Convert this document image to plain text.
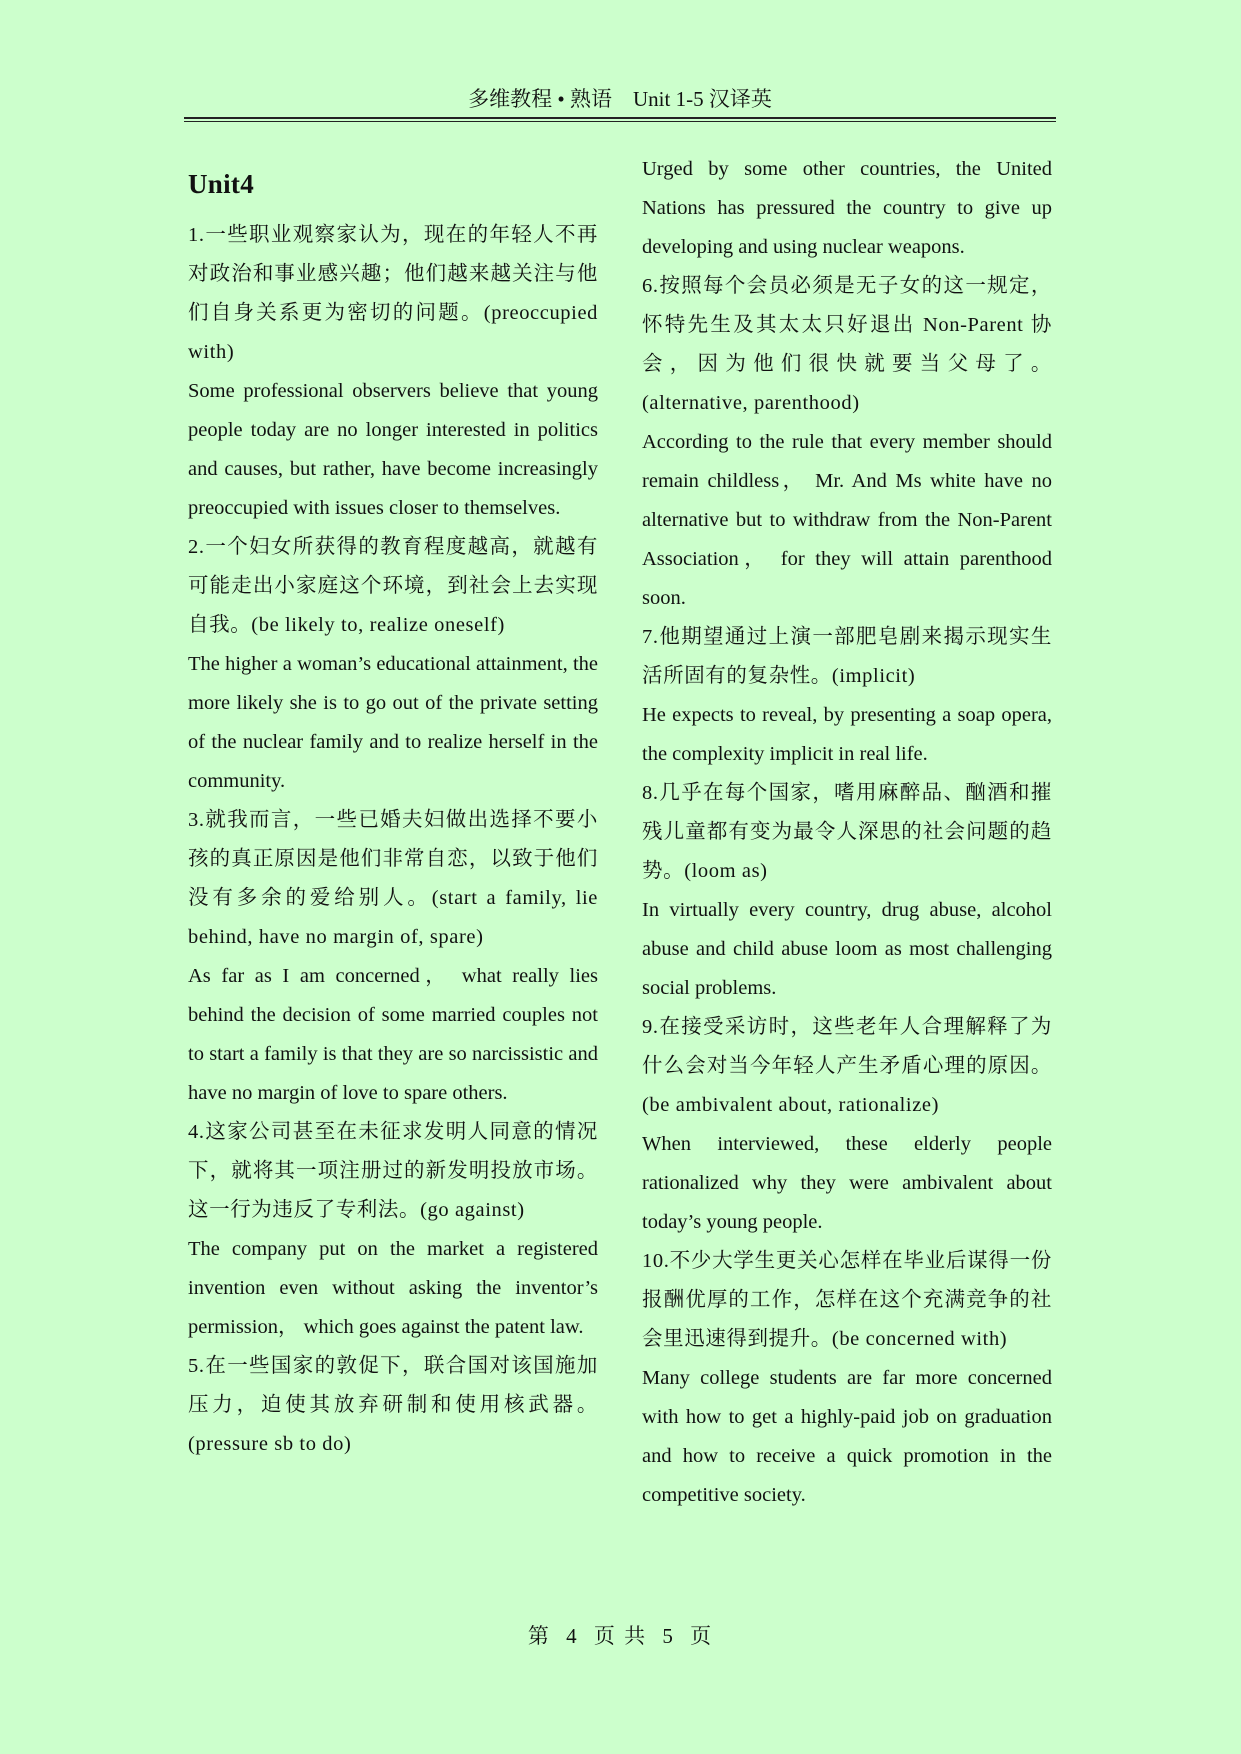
多维教程 • 熟语 Unit 1-5 汉译英
Unit4

1.一些职业观察家认为，现在的年轻人不再对政治和事业感兴趣；他们越来越关注与他们自身关系更为密切的问题。(preoccupied with)

Some professional observers believe that young people today are no longer interested in politics and causes, but rather, have become increasingly preoccupied with issues closer to themselves.

2.一个妇女所获得的教育程度越高，就越有可能走出小家庭这个环境，到社会上去实现自我。(be likely to, realize oneself)

The higher a woman’s educational attainment, the more likely she is to go out of the private setting of the nuclear family and to realize herself in the community.

3.就我而言，一些已婚夫妇做出选择不要小孩的真正原因是他们非常自恋，以致于他们没有多余的爱给别人。(start a family, lie behind, have no margin of, spare)

As far as I am concerned， what really lies behind the decision of some married couples not to start a family is that they are so narcissistic and have no margin of love to spare others.

4.这家公司甚至在未征求发明人同意的情况下，就将其一项注册过的新发明投放市场。这一行为违反了专利法。(go against)

The company put on the market a registered invention even without asking the inventor’s permission， which goes against the patent law.

5.在一些国家的敦促下，联合国对该国施加压力，迫使其放弃研制和使用核武器。(pressure sb to do)

Urged by some other countries, the United Nations has pressured the country to give up developing and using nuclear weapons.

6.按照每个会员必须是无子女的这一规定，怀特先生及其太太只好退出 Non-Parent 协会，因为他们很快就要当父母了。(alternative, parenthood)

According to the rule that every member should remain childless， Mr. And Ms white have no alternative but to withdraw from the Non-Parent Association， for they will attain parenthood soon.

7.他期望通过上演一部肥皂剧来揭示现实生活所固有的复杂性。(implicit)

He expects to reveal, by presenting a soap opera, the complexity implicit in real life.

8.几乎在每个国家，嗜用麻醉品、酗酒和摧残儿童都有变为最令人深思的社会问题的趋势。(loom as)

In virtually every country, drug abuse, alcohol abuse and child abuse loom as most challenging social problems.

9.在接受采访时，这些老年人合理解释了为什么会对当今年轻人产生矛盾心理的原因。(be ambivalent about, rationalize)

When interviewed, these elderly people rationalized why they were ambivalent about today’s young people.

10.不少大学生更关心怎样在毕业后谋得一份报酬优厚的工作，怎样在这个充满竞争的社会里迅速得到提升。(be concerned with)

Many college students are far more concerned with how to get a highly-paid job on graduation and how to receive a quick promotion in the competitive society.

第 4 页 共 5 页
